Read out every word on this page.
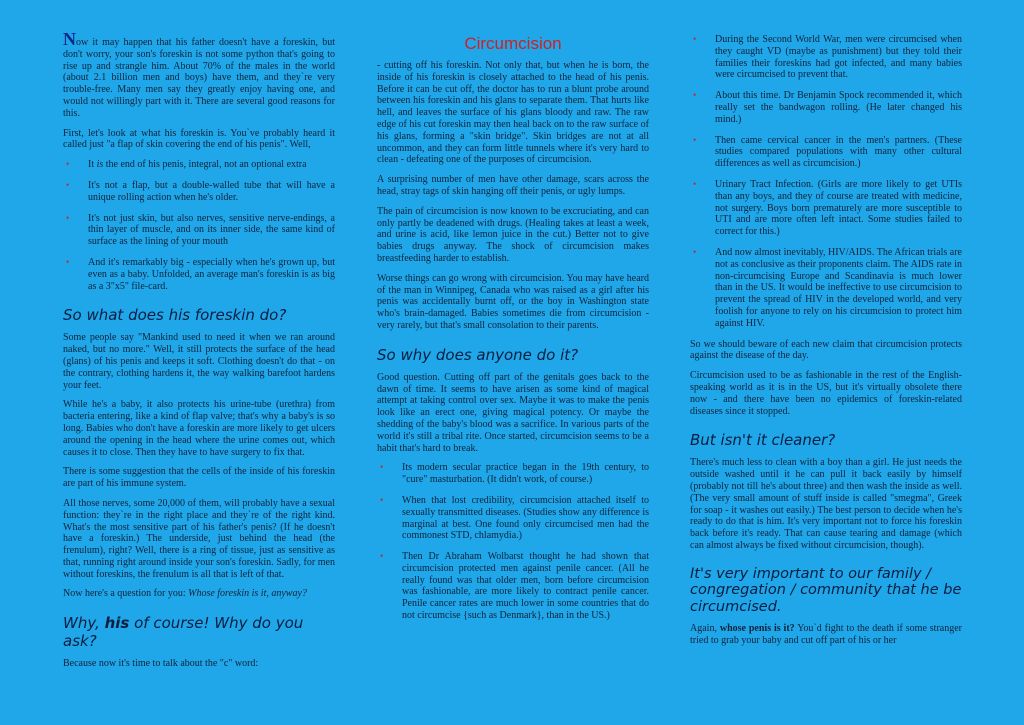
Now it may happen that his father doesn't have a foreskin, but don't worry, your son's foreskin is not some python that's going to rise up and strangle him. About 70% of the males in the world (about 2.1 billion men and boys) have them, and they`re very trouble-free. Many men say they greatly enjoy having one, and would not willingly part with it. There are several good reasons for this.

First, let's look at what his foreskin is. You`ve probably heard it called just "a flap of skin covering the end of his penis". Well,

• It is the end of his penis, integral, not an optional extra
• It's not a flap, but a double-walled tube that will have a unique rolling action when he's older.
• It's not just skin, but also nerves, sensitive nerve-endings, a thin layer of muscle, and on its inner side, the same kind of surface as the lining of your mouth
• And it's remarkably big - especially when he's grown up, but even as a baby. Unfolded, an average man's foreskin is as big as a 3"x5" file-card.
So what does his foreskin do?

Some people say "Mankind used to need it when we ran around naked, but no more." Well, it still protects the surface of the head (glans) of his penis and keeps it soft. Clothing doesn't do that - on the contrary, clothing hardens it, the way walking barefoot hardens your feet.

While he's a baby, it also protects his urine-tube (urethra) from bacteria entering, like a kind of flap valve; that's why a baby's is so long. Babies who don't have a foreskin are more likely to get ulcers around the opening in the head where the urine comes out, which causes it to close. Then they have to have surgery to fix that.

There is some suggestion that the cells of the inside of his foreskin are part of his immune system.

All those nerves, some 20,000 of them, will probably have a sexual function: they`re in the right place and they`re of the right kind. What's the most sensitive part of his father's penis? (If he doesn't have a foreskin.) The underside, just behind the head (the frenulum), right? Well, there is a ring of tissue, just as sensitive as that, running right around inside your son's foreskin. Sadly, for men without foreskins, the frenulum is all that is left of that.

Now here's a question for you: Whose foreskin is it, anyway?

Why, his of course! Why do you ask?

Because now it's time to talk about the "c" word:

Circumcision

- cutting off his foreskin. Not only that, but when he is born, the inside of his foreskin is closely attached to the head of his penis. Before it can be cut off, the doctor has to run a blunt probe around between his foreskin and his glans to separate them. That hurts like hell, and leaves the surface of his glans bloody and raw. The raw edge of his cut foreskin may then heal back on to the raw surface of his glans, forming a "skin bridge". Skin bridges are not at all uncommon, and they can form little tunnels where it's very hard to clean - defeating one of the purposes of circumcision.

A surprising number of men have other damage, scars across the head, stray tags of skin hanging off their penis, or ugly lumps.

The pain of circumcision is now known to be excruciating, and can only partly be deadened with drugs. (Healing takes at least a week, and urine is acid, like lemon juice in the cut.) Better not to give babies drugs anyway. The shock of circumcision makes breastfeeding harder to establish.

Worse things can go wrong with circumcision. You may have heard of the man in Winnipeg, Canada who was raised as a girl after his penis was accidentally burnt off, or the boy in Washington state who's brain-damaged. Babies sometimes die from circumcision - very rarely, but that's small consolation to their parents.

So why does anyone do it?

Good question. Cutting off part of the genitals goes back to the dawn of time. It seems to have arisen as some kind of magical attempt at taking control over sex. Maybe it was to make the penis look like an erect one, giving magical potency. Or maybe the shedding of the baby's blood was a sacrifice. In various parts of the world it's still a tribal rite. Once started, circumcision seems to be a habit that's hard to break.

• Its modern secular practice began in the 19th century, to "cure" masturbation. (It didn't work, of course.)
• When that lost credibility, circumcision attached itself to sexually transmitted diseases. (Studies show any difference is marginal at best. One found only circumcised men had the commonest STD, chlamydia.)
• Then Dr Abraham Wolbarst thought he had shown that circumcision protected men against penile cancer. (All he really found was that older men, born before circumcision was fashionable, are more likely to contract penile cancer. Penile cancer rates are much lower in some countries that do not circumcise {such as Denmark}, than in the US.)
• During the Second World War, men were circumcised when they caught VD (maybe as punishment) but they told their families their foreskins had got infected, and many babies were circumcised to prevent that.
• About this time. Dr Benjamin Spock recommended it, which really set the bandwagon rolling. (He later changed his mind.)
• Then came cervical cancer in the men's partners. (These studies compared populations with many other cultural differences as well as circumcision.)
• Urinary Tract Infection. (Girls are more likely to get UTIs than any boys, and they of course are treated with medicine, not surgery. Boys born prematurely are more susceptible to UTI and are more often left intact. Some studies failed to correct for this.)
• And now almost inevitably, HIV/AIDS. The African trials are not as conclusive as their proponents claim. The AIDS rate in non-circumcising Europe and Scandinavia is much lower than in the US. It would be ineffective to use circumcision to prevent the spread of HIV in the developed world, and very foolish for anyone to rely on his circumcision to protect him against HIV.

So we should beware of each new claim that circumcision protects against the disease of the day.

Circumcision used to be as fashionable in the rest of the English-speaking world as it is in the US, but it's virtually obsolete there now - and there have been no epidemics of foreskin-related diseases since it stopped.

But isn't it cleaner?

There's much less to clean with a boy than a girl. He just needs the outside washed until it he can pull it back easily by himself (probably not till he's about three) and then wash the inside as well. (The very small amount of stuff inside is called "smegma", Greek for soap - it washes out easily.) The best person to decide when he's ready to do that is him. It's very important not to force his foreskin back before it's ready. That can cause tearing and damage (which can almost always be fixed without circumcision, though).

It's very important to our family / congregation / community that he be circumcised.

Again, whose penis is it? You`d fight to the death if some stranger tried to grab your baby and cut off part of his or her
